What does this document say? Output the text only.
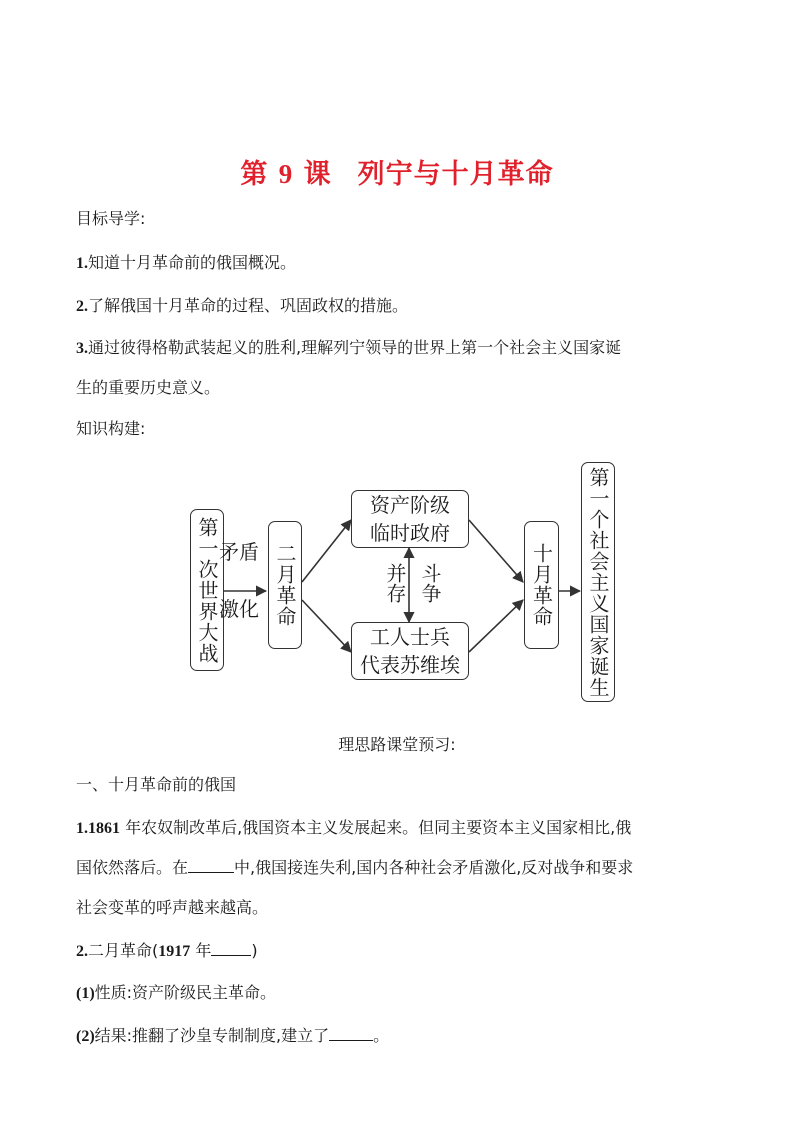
第 9 课 列宁与十月革命
目标导学:
1.知道十月革命前的俄国概况。
2.了解俄国十月革命的过程、巩固政权的措施。
3.通过彼得格勒武装起义的胜利,理解列宁领导的世界上第一个社会主义国家诞
生的重要历史意义。
知识构建:
第一次世界大战 矛盾
激化 二月革命
资产阶级
临时政府
工人士兵
代表苏维埃
并存 斗争	十月革命 第一个社会主义国家诞生
理思路课堂预习:
一、十月革命前的俄国
1.1861 年农奴制改革后,俄国资本主义发展起来。但同主要资本主义国家相比,俄
国依然落后。在	中,俄国接连失利,国内各种社会矛盾激化,反对战争和要求
社会变革的呼声越来越高。
2.二月革命(1917 年	)
(1)性质:资产阶级民主革命。
(2)结果:推翻了沙皇专制制度,建立了	。
